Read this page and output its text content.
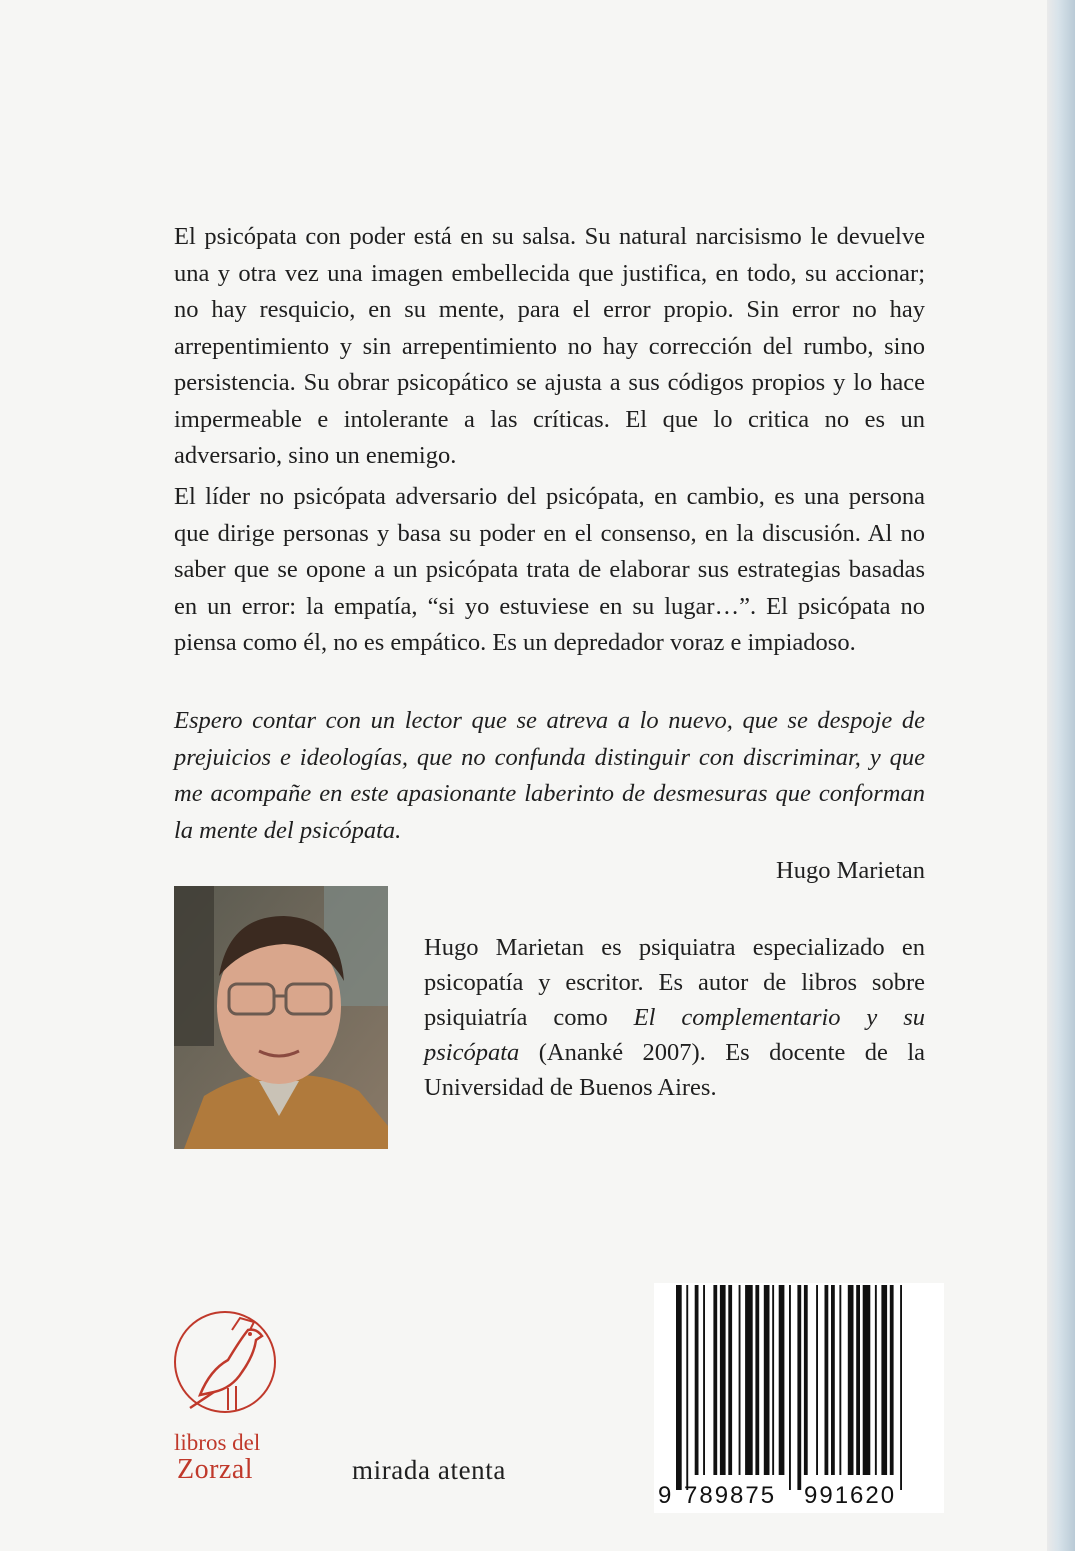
El psicópata con poder está en su salsa. Su natural narcisismo le devuelve una y otra vez una imagen embellecida que justifica, en todo, su accionar; no hay resquicio, en su mente, para el error propio. Sin error no hay arrepentimiento y sin arrepentimiento no hay corrección del rumbo, sino persistencia. Su obrar psicopático se ajusta a sus códigos propios y lo hace impermeable e intolerante a las críticas. El que lo critica no es un adversario, sino un enemigo.

El líder no psicópata adversario del psicópata, en cambio, es una persona que dirige personas y basa su poder en el consenso, en la discusión. Al no saber que se opone a un psicópata trata de elaborar sus estrategias basadas en un error: la empatía, “si yo estuviese en su lugar…”. El psicópata no piensa como él, no es empático. Es un depredador voraz e impiadoso.

Espero contar con un lector que se atreva a lo nuevo, que se despoje de prejuicios e ideologías, que no confunda distinguir con discriminar, y que me acompañe en este apasionante laberinto de desmesuras que conforman la mente del psicópata.

Hugo Marietan

Hugo Marietan es psiquiatra especializado en psicopatía y escritor. Es autor de libros sobre psiquiatría como El complementario y su psicópata (Ananké 2007). Es docente de la Universidad de Buenos Aires.

libros del
Zorzal	mirada atenta
9 789875 991620
